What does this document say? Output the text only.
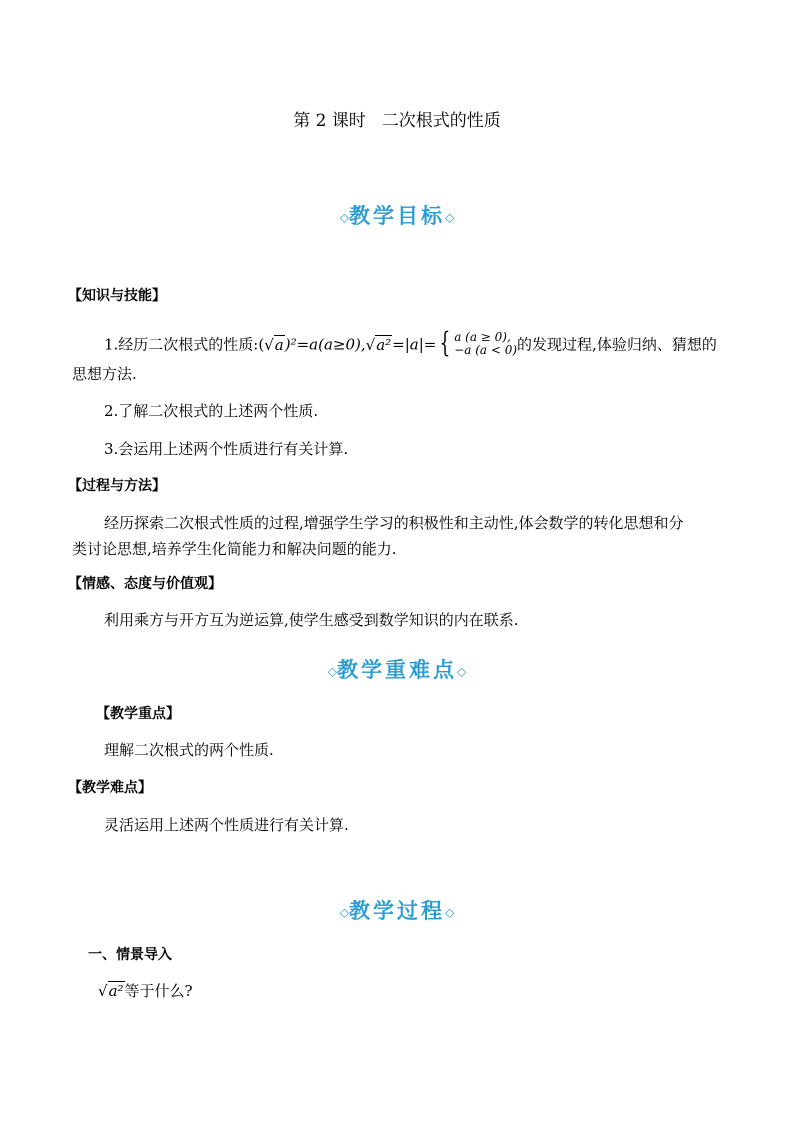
第 2 课时 二次根式的性质
◇教学目标◇
【知识与技能】
1.经历二次根式的性质:(√a)²=a(a≥0),√a²=|a|= { a (a ≥ 0),
−a (a < 0)的发现过程,体验归纳、猜想的
思想方法.
2.了解二次根式的上述两个性质.
3.会运用上述两个性质进行有关计算.
【过程与方法】
经历探索二次根式性质的过程,增强学生学习的积极性和主动性,体会数学的转化思想和分
类讨论思想,培养学生化简能力和解决问题的能力.
【情感、态度与价值观】
利用乘方与开方互为逆运算,使学生感受到数学知识的内在联系.
◇教学重难点◇
【教学重点】
理解二次根式的两个性质.
【教学难点】
灵活运用上述两个性质进行有关计算.
◇教学过程◇
一、情景导入
√a²等于什么?
